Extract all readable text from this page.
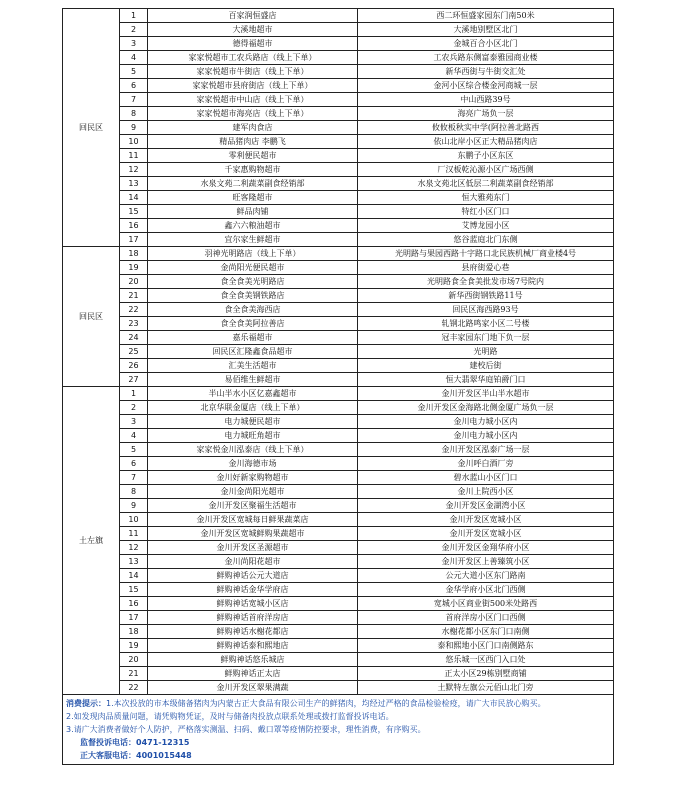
回民区	1	百家润恒盛店	西二环恒盛家园东门南50米
	2	大溪地超市	大溪地别墅区北门
	3	德得福超市	金城百合小区北门
	4	家家悦超市工农兵路店（线上下单）	工农兵路东侧富泰雅园商业楼
	5	家家悦超市牛街店（线上下单）	新华西街与牛街交汇处
	6	家家悦超市县府街店（线上下单）	金河小区综合楼金河商城一层
	7	家家悦超市中山店（线上下单）	中山西路39号
	8	家家悦超市海亮店（线上下单）	海亮广场负一层
	9	建军肉食店	攸攸板秋实中学(阿拉善北路西
	10	精品猪肉店 李鹏飞	依山北岸小区正大精品猪肉店
	11	零利便民超市	东鹏子小区东区
	12	千家惠购物超市	厂汉板乾沁源小区广场西侧
	13	水泉文苑二利蔬菜副食经销部	水泉文苑北区低层二利蔬菜副食经销部
	14	旺客隆超市	恒大雅苑东门
	15	鲜品肉铺	特红小区门口
	16	鑫六六粮油超市	艾博龙园小区
	17	宜尔家生鲜超市	悠谷蓝庭北门东侧
回民区	18	羽神光明路店（线上下单）	光明路与果园西路十字路口北民族机械厂商业楼4号
	19	金尚阳光便民超市	县府街爱心巷
	20	食全食美光明路店	光明路食全食美批发市场7号院内
	21	食全食美钢铁路店	新华西街钢铁路11号
	22	食全食美海西店	回民区海西路93号
	23	食全食美阿拉善店	轧钢北路鸣家小区二号楼
	24	嘉乐福超市	冠丰家园东门地下负一层
	25	回民区汇隆鑫食品超市	光明路
	26	汇美生活超市	建校后街
	27	易佰维生鲜超市	恒大翡翠华庭铂爵门口
土左旗	1	半山半水小区亿嘉鑫超市	金川开发区半山半水超市
	2	北京华联金厦店（线上下单）	金川开发区金海路北侧金厦广场负一层
	3	电力城便民超市	金川电力城小区内
	4	电力城旺角超市	金川电力城小区内
	5	家家悦金川泓泰店（线上下单）	金川开发区泓泰广场一层
	6	金川海德市场	金川呼白酒厂旁
	7	金川好新家购物超市	碧水蓝山小区门口
	8	金川金尚阳光超市	金川上院西小区
	9	金川开发区聚福生活超市	金川开发区金湖湾小区
	10	金川开发区宽城每日鲜果蔬菜店	金川开发区宽城小区
	11	金川开发区宽城鲜购果蔬超市	金川开发区宽城小区
	12	金川开发区圣源超市	金川开发区金翔华府小区
	13	金川尚阳花超市	金川开发区上善臻筑小区
	14	鲜购神话公元大道店	公元大道小区东门路南
	15	鲜购神话金华学府店	金华学府小区北门西侧
	16	鲜购神话宽城小区店	宽城小区商业街500米处路西
	17	鲜购神话首府洋房店	首府洋房小区门口西侧
	18	鲜购神话水榭花都店	水榭花都小区东门口南侧
	19	鲜购神话泰和熙地店	泰和熙地小区门口南侧路东
	20	鲜购神话悠乐城店	悠乐城一区西门入口处
	21	鲜购神话正太店	正太小区29栋别墅商铺
	22	金川开发区翠果满蔬	土默特左旗公元佰山北门旁
消费提示：1.本次投放的市本级储备猪肉为内蒙古正大食品有限公司生产的鲜猪肉，均经过严格的食品检验检疫，请广大市民放心购买。
2.如发现肉品质量问题，请凭购物凭证，及时与储备肉投放点联系处理或拨打监督投诉电话。
3.请广大消费者做好个人防护，严格落实测温、扫码、戴口罩等疫情防控要求，理性消费，有序购买。
监督投诉电话：0471-12315
正大客服电话：4001015448			
